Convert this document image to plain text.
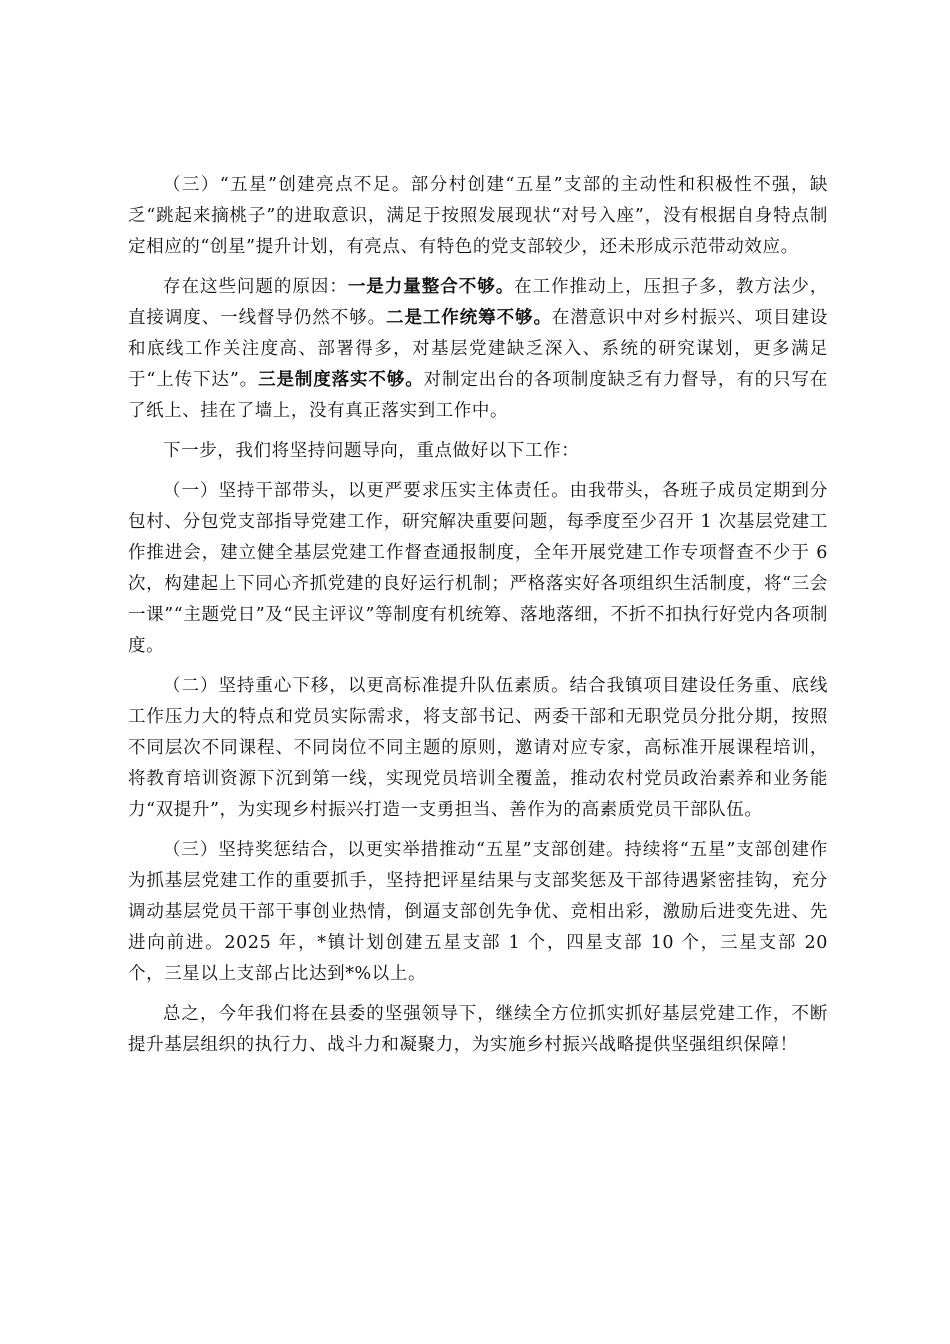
（三）“五星”创建亮点不足。部分村创建“五星”支部的主动性和积极性不强，缺乏“跳起来摘桃子”的进取意识，满足于按照发展现状“对号入座”，没有根据自身特点制定相应的“创星”提升计划，有亮点、有特色的党支部较少，还未形成示范带动效应。

存在这些问题的原因：一是力量整合不够。在工作推动上，压担子多，教方法少，直接调度、一线督导仍然不够。二是工作统筹不够。在潜意识中对乡村振兴、项目建设和底线工作关注度高、部署得多，对基层党建缺乏深入、系统的研究谋划，更多满足于“上传下达”。三是制度落实不够。对制定出台的各项制度缺乏有力督导，有的只写在了纸上、挂在了墙上，没有真正落实到工作中。

下一步，我们将坚持问题导向，重点做好以下工作：

（一）坚持干部带头，以更严要求压实主体责任。由我带头，各班子成员定期到分包村、分包党支部指导党建工作，研究解决重要问题，每季度至少召开 1 次基层党建工作推进会，建立健全基层党建工作督查通报制度，全年开展党建工作专项督查不少于 6 次，构建起上下同心齐抓党建的良好运行机制；严格落实好各项组织生活制度，将“三会一课”“主题党日”及“民主评议”等制度有机统筹、落地落细，不折不扣执行好党内各项制度。

（二）坚持重心下移，以更高标准提升队伍素质。结合我镇项目建设任务重、底线工作压力大的特点和党员实际需求，将支部书记、两委干部和无职党员分批分期，按照不同层次不同课程、不同岗位不同主题的原则，邀请对应专家，高标准开展课程培训，将教育培训资源下沉到第一线，实现党员培训全覆盖，推动农村党员政治素养和业务能力“双提升”，为实现乡村振兴打造一支勇担当、善作为的高素质党员干部队伍。

（三）坚持奖惩结合，以更实举措推动“五星”支部创建。持续将“五星”支部创建作为抓基层党建工作的重要抓手，坚持把评星结果与支部奖惩及干部待遇紧密挂钩，充分调动基层党员干部干事创业热情，倒逼支部创先争优、竞相出彩，激励后进变先进、先进向前进。2025 年，*镇计划创建五星支部 1 个，四星支部 10 个，三星支部 20 个，三星以上支部占比达到*%以上。

总之，今年我们将在县委的坚强领导下，继续全方位抓实抓好基层党建工作，不断提升基层组织的执行力、战斗力和凝聚力，为实施乡村振兴战略提供坚强组织保障！
